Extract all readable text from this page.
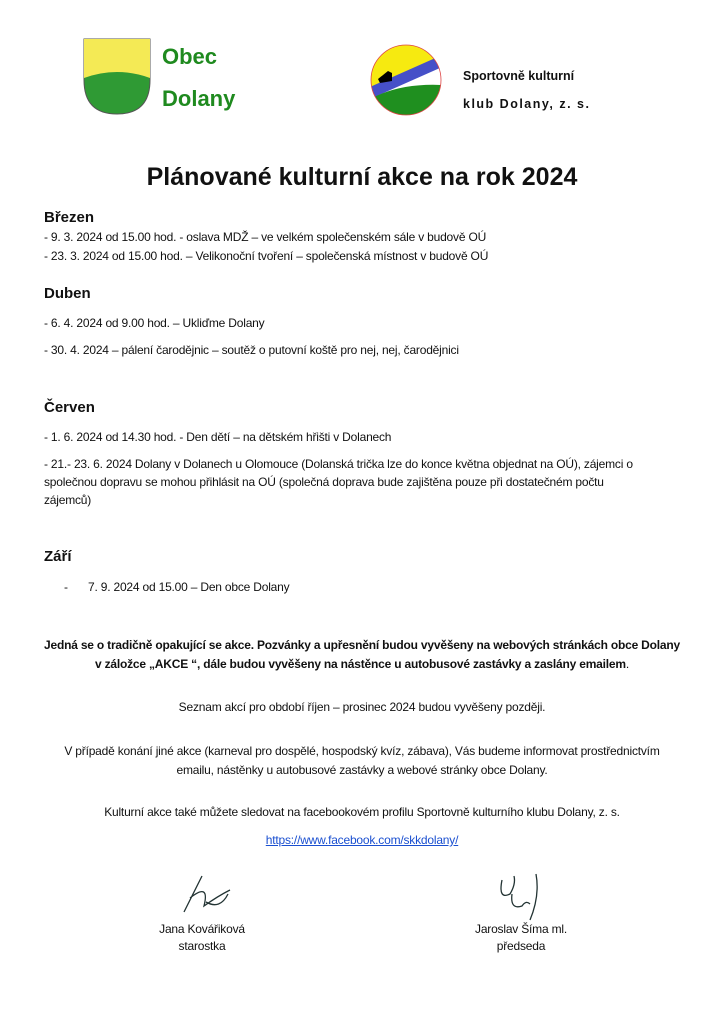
Obec
Dolany
Sportovně kulturní
klub Dolany, z. s.
Plánované kulturní akce na rok 2024
Březen
- 9. 3. 2024 od 15.00 hod. - oslava MDŽ – ve velkém společenském sále v budově OÚ
- 23. 3. 2024 od 15.00 hod. – Velikonoční tvoření – společenská místnost v budově OÚ
Duben
- 6. 4. 2024 od 9.00 hod. – Ukliďme Dolany
- 30. 4. 2024 – pálení čarodějnic – soutěž o putovní koště pro nej, nej, čarodějnici
Červen
- 1. 6. 2024 od 14.30 hod. - Den dětí – na dětském hřišti v Dolanech
- 21.- 23. 6. 2024 Dolany v Dolanech u Olomouce (Dolanská trička lze do konce května objednat na OÚ), zájemci o
společnou dopravu se mohou přihlásit na OÚ (společná doprava bude zajištěna pouze při dostatečném počtu
zájemců)
Září
- 7. 9. 2024 od 15.00 – Den obce Dolany
Jedná se o tradičně opakující se akce. Pozvánky a upřesnění budou vyvěšeny na webových stránkách obce Dolany
v záložce „AKCE “, dále budou vyvěšeny na nástěnce u autobusové zastávky a zaslány emailem.
Seznam akcí pro období říjen – prosinec 2024 budou vyvěšeny později.
V případě konání jiné akce (karneval pro dospělé, hospodský kvíz, zábava), Vás budeme informovat prostřednictvím
emailu, nástěnky u autobusové zastávky a webové stránky obce Dolany.
Kulturní akce také můžete sledovat na facebookovém profilu Sportovně kulturního klubu Dolany, z. s.
https://www.facebook.com/skkdolany/
Jana Kovářiková
starostka
Jaroslav Šíma ml.
předseda
